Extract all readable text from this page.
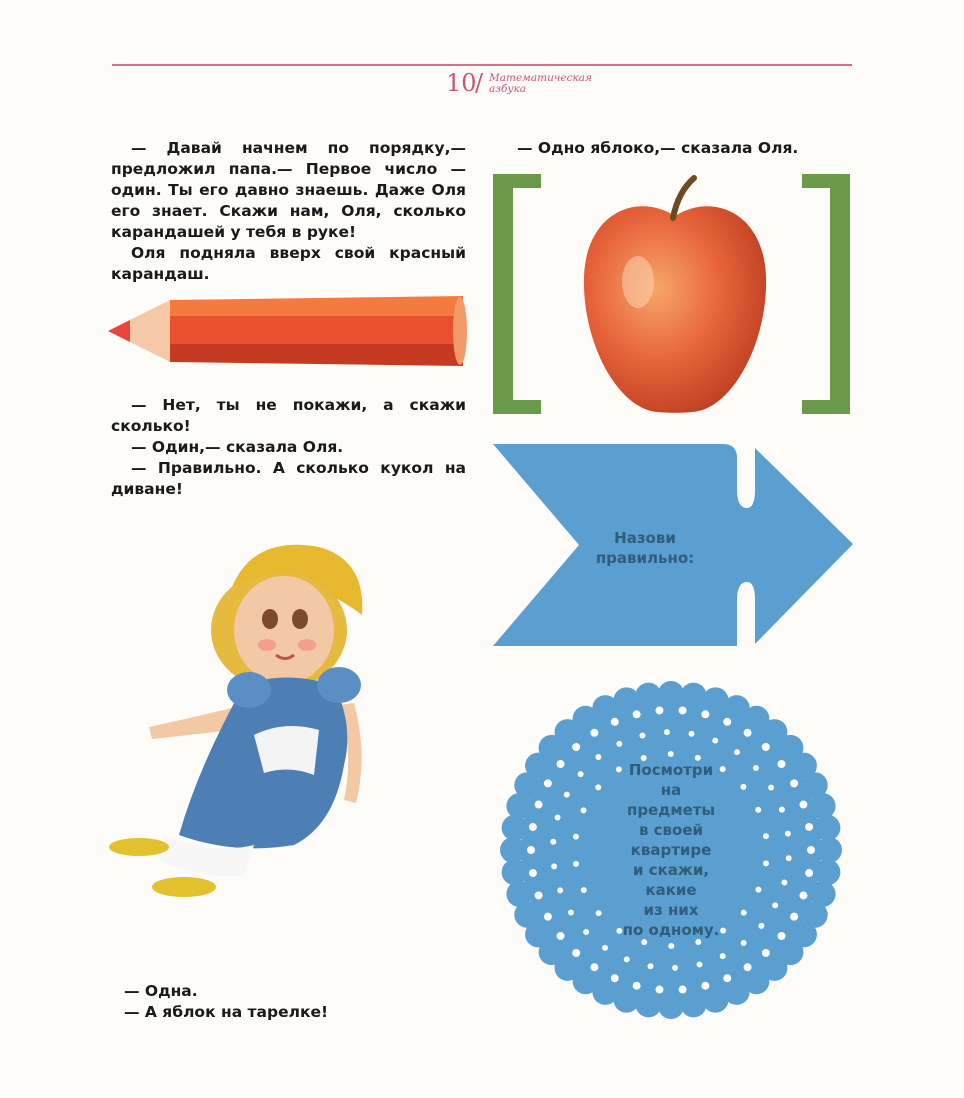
10
/ Математическая
азбука

— Давай начнем по порядку,— предложил папа.— Первое число — один. Ты его давно знаешь. Даже Оля его знает. Скажи нам, Оля, сколько карандашей у тебя в руке!

Оля подняла вверх свой красный карандаш.

— Нет, ты не покажи, а скажи сколько!

— Один,— сказала Оля.

— Правильно. А сколько кукол на диване!

— Одна.

— А яблок на тарелке!

— Одно яблоко,— сказала Оля.
Назови
правильно:
Посмотри
на
предметы
в своей
квартире
и скажи,
какие
из них
по одному.
